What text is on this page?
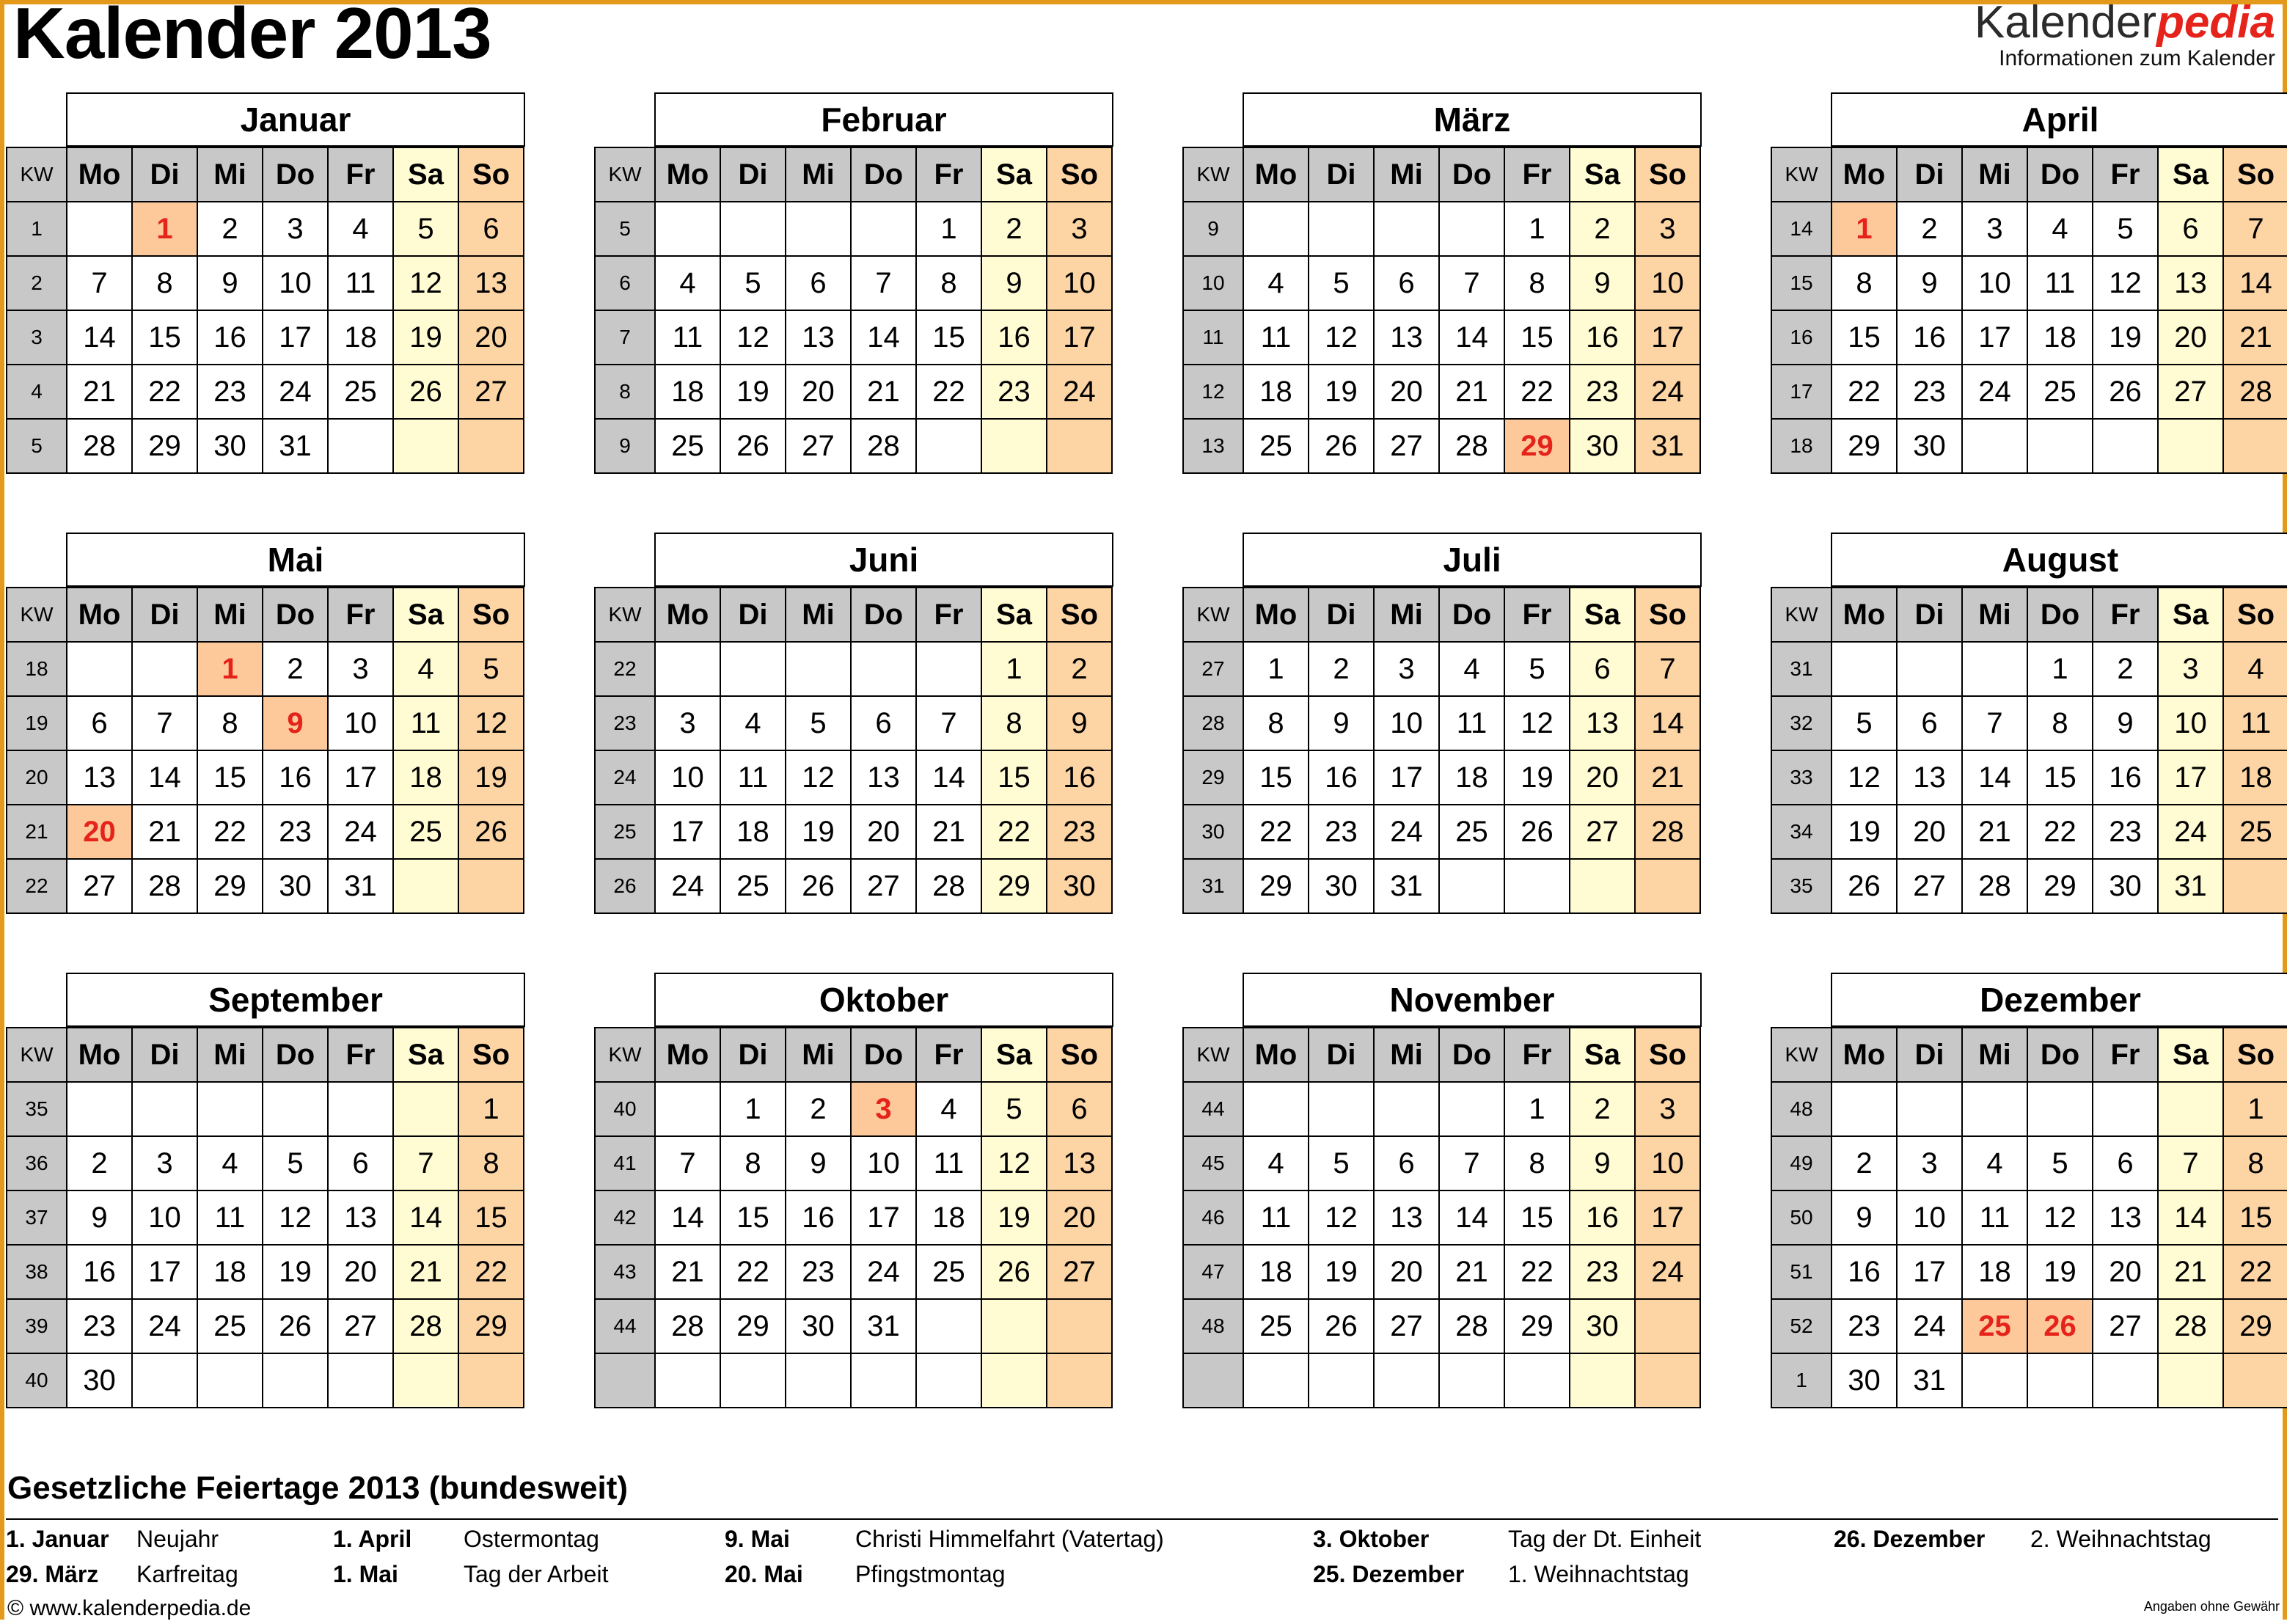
Kalender 2013	Kalenderpedia
Informationen zum Kalender
Januar
KW	Mo	Di	Mi	Do	Fr	Sa	So
1		1	2	3	4	5	6
2	7	8	9	10	11	12	13
3	14	15	16	17	18	19	20
4	21	22	23	24	25	26	27
5	28	29	30	31			
Februar
KW	Mo	Di	Mi	Do	Fr	Sa	So
5					1	2	3
6	4	5	6	7	8	9	10
7	11	12	13	14	15	16	17
8	18	19	20	21	22	23	24
9	25	26	27	28			
März
KW	Mo	Di	Mi	Do	Fr	Sa	So
9					1	2	3
10	4	5	6	7	8	9	10
11	11	12	13	14	15	16	17
12	18	19	20	21	22	23	24
13	25	26	27	28	29	30	31
April
KW	Mo	Di	Mi	Do	Fr	Sa	So
14	1	2	3	4	5	6	7
15	8	9	10	11	12	13	14
16	15	16	17	18	19	20	21
17	22	23	24	25	26	27	28
18	29	30					
Mai
KW	Mo	Di	Mi	Do	Fr	Sa	So
18			1	2	3	4	5
19	6	7	8	9	10	11	12
20	13	14	15	16	17	18	19
21	20	21	22	23	24	25	26
22	27	28	29	30	31		
Juni
KW	Mo	Di	Mi	Do	Fr	Sa	So
22						1	2
23	3	4	5	6	7	8	9
24	10	11	12	13	14	15	16
25	17	18	19	20	21	22	23
26	24	25	26	27	28	29	30
Juli
KW	Mo	Di	Mi	Do	Fr	Sa	So
27	1	2	3	4	5	6	7
28	8	9	10	11	12	13	14
29	15	16	17	18	19	20	21
30	22	23	24	25	26	27	28
31	29	30	31				
August
KW	Mo	Di	Mi	Do	Fr	Sa	So
31				1	2	3	4
32	5	6	7	8	9	10	11
33	12	13	14	15	16	17	18
34	19	20	21	22	23	24	25
35	26	27	28	29	30	31	
September
KW	Mo	Di	Mi	Do	Fr	Sa	So
35							1
36	2	3	4	5	6	7	8
37	9	10	11	12	13	14	15
38	16	17	18	19	20	21	22
39	23	24	25	26	27	28	29
40	30						
Oktober
KW	Mo	Di	Mi	Do	Fr	Sa	So
40		1	2	3	4	5	6
41	7	8	9	10	11	12	13
42	14	15	16	17	18	19	20
43	21	22	23	24	25	26	27
44	28	29	30	31			

November
KW	Mo	Di	Mi	Do	Fr	Sa	So
44					1	2	3
45	4	5	6	7	8	9	10
46	11	12	13	14	15	16	17
47	18	19	20	21	22	23	24
48	25	26	27	28	29	30	

Dezember
KW	Mo	Di	Mi	Do	Fr	Sa	So
48							1
49	2	3	4	5	6	7	8
50	9	10	11	12	13	14	15
51	16	17	18	19	20	21	22
52	23	24	25	26	27	28	29
1	30	31					
Gesetzliche Feiertage 2013 (bundesweit)
1. Januar Neujahr
29. März Karfreitag
1. April Ostermontag
1. Mai	Tag der Arbeit
9. Mai	Christi Himmelfahrt (Vatertag)
20. Mai Pfingstmontag
3. Oktober	Tag der Dt. Einheit
25. Dezember 1. Weihnachtstag
26. Dezember 2. Weihnachtstag
© www.kalenderpedia.de	Angaben ohne Gewähr
